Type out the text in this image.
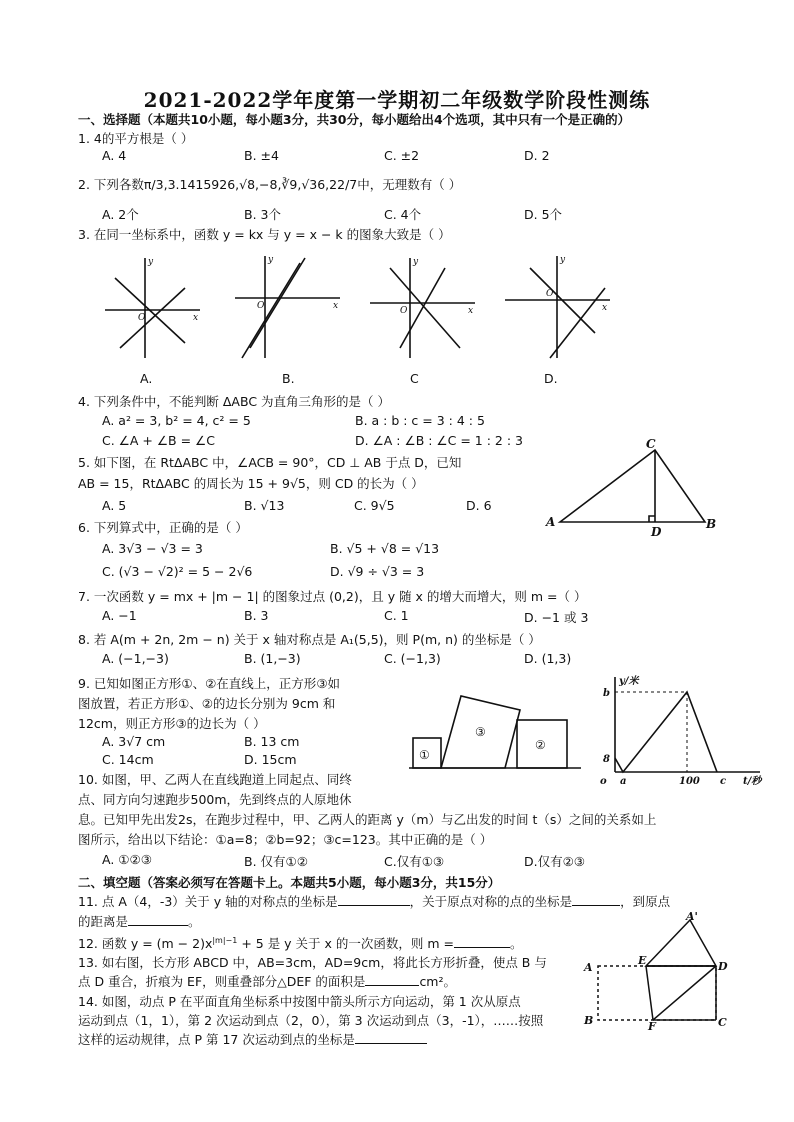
2021-2022学年度第一学期初二年级数学阶段性测练
一、选择题（本题共10小题，每小题3分，共30分，每小题给出4个选项，其中只有一个是正确的）
1. 4的平方根是（ ）
A. 4	B. ±4	C. ±2	D. 2
2. 下列各数π/3,3.1415926,√8,−8,∛9,√36,22/7中，无理数有（ ）
A. 2个	B. 3个	C. 4个	D. 5个
3. 在同一坐标系中，函数 y = kx 与 y = x − k 的图象大致是（ ）
y
O	x
y
O	x
y
O	x
y
O
x
A.	B.	C	D.
4. 下列条件中，不能判断 ΔABC 为直角三角形的是（ ）
A. a² = 3, b² = 4, c² = 5	B. a : b : c = 3 : 4 : 5
C. ∠A + ∠B = ∠C	D. ∠A : ∠B : ∠C = 1 : 2 : 3
5. 如下图，在 RtΔABC 中，∠ACB = 90°，CD ⊥ AB 于点 D，已知
AB = 15，RtΔABC 的周长为 15 + 9√5，则 CD 的长为（ ）
A. 5	B. √13	C. 9√5	D. 6
A	B
C
D
6. 下列算式中，正确的是（ ）
A. 3√3 − √3 = 3	B. √5 + √8 = √13
C. (√3 − √2)² = 5 − 2√6	D. √9 ÷ √3 = 3
7. 一次函数 y = mx + |m − 1| 的图象过点 (0,2)，且 y 随 x 的增大而增大，则 m =（ ）
A. −1	B. 3	C. 1	D. −1 或 3
8. 若 A(m + 2n, 2m − n) 关于 x 轴对称点是 A₁(5,5)，则 P(m, n) 的坐标是（ ）
A. (−1,−3)	B. (1,−3)	C. (−1,3)	D. (1,3)
9. 已知如图正方形①、②在直线上，正方形③如
图放置，若正方形①、②的边长分别为 9cm 和
12cm，则正方形③的边长为（ ）
A. 3√7 cm	B. 13 cm
C. 14cm	D. 15cm	①
③
②
10. 如图，甲、乙两人在直线跑道上同起点、同终
点、同方向匀速跑步500m，先到终点的人原地休
息。已知甲先出发2s，在跑步过程中，甲、乙两人的距离 y（m）与乙出发的时间 t（s）之间的关系如上
图所示，给出以下结论：①a=8；②b=92；③c=123。其中正确的是（ ）
A. ①②③	B. 仅有①②	C.仅有①③	D.仅有②③
y/米
t/秒
o
b
8
a	100 c
二、填空题（答案必须写在答题卡上。本题共5小题，每小题3分，共15分）
11. 点 A（4，-3）关于 y 轴的对称点的坐标是	，关于原点对称的点的坐标是	，到原点
的距离是	。
12. 函数 $y = (m - 2)x^{|m|-1} + 5$ 是 y 关于 x 的一次函数，则 m =	。
13. 如右图，长方形 ABCD 中，AB=3cm，AD=9cm，将此长方形折叠，使点 B 与
点 D 重合，折痕为 EF，则重叠部分△DEF 的面积是	cm²。
14. 如图，动点 P 在平面直角坐标系中按图中箭头所示方向运动，第 1 次从原点
运动到点（1，1），第 2 次运动到点（2，0），第 3 次运动到点（3，-1），……按照
这样的运动规律，点 P 第 17 次运动到点的坐标是
A
A'
E	D
B	F	C
